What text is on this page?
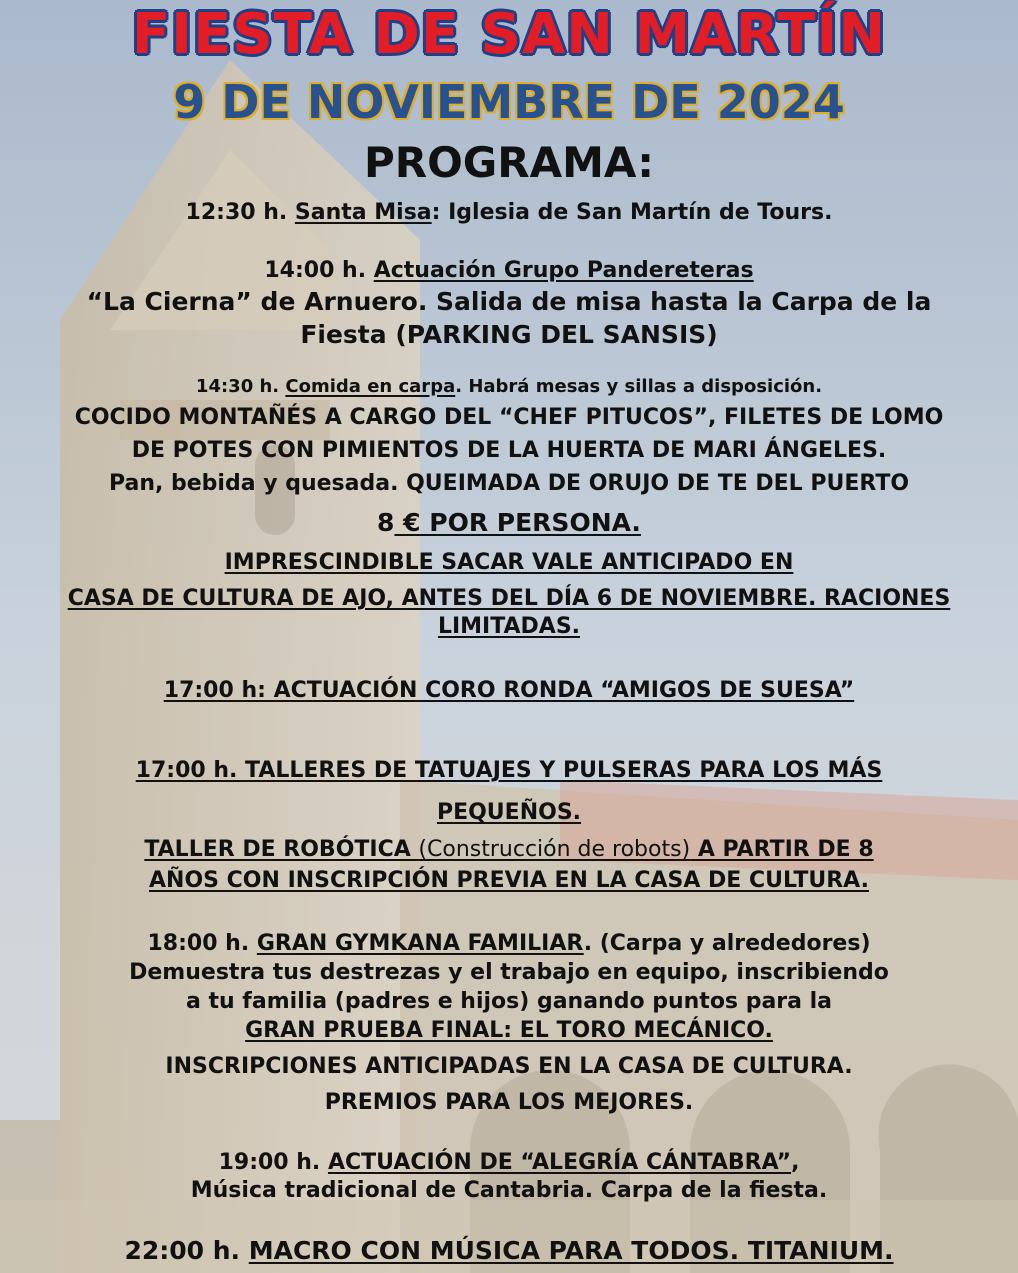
FIESTA DE SAN MARTÍN
9 DE NOVIEMBRE DE 2024
PROGRAMA:
12:30 h. Santa Misa: Iglesia de San Martín de Tours.
14:00 h. Actuación Grupo Pandereteras
“La Cierna” de Arnuero. Salida de misa hasta la Carpa de la
Fiesta (PARKING DEL SANSIS)
14:30 h. Comida en carpa. Habrá mesas y sillas a disposición.
COCIDO MONTAÑÉS A CARGO DEL “CHEF PITUCOS”, FILETES DE LOMO
DE POTES CON PIMIENTOS DE LA HUERTA DE MARI ÁNGELES.
Pan, bebida y quesada. QUEIMADA DE ORUJO DE TE DEL PUERTO
8 € POR PERSONA.
IMPRESCINDIBLE SACAR VALE ANTICIPADO EN
CASA DE CULTURA DE AJO, ANTES DEL DÍA 6 DE NOVIEMBRE. RACIONES
LIMITADAS.
17:00 h: ACTUACIÓN CORO RONDA “AMIGOS DE SUESA”
17:00 h. TALLERES DE TATUAJES Y PULSERAS PARA LOS MÁS
PEQUEÑOS.
TALLER DE ROBÓTICA (Construcción de robots) A PARTIR DE 8
AÑOS CON INSCRIPCIÓN PREVIA EN LA CASA DE CULTURA.
18:00 h. GRAN GYMKANA FAMILIAR. (Carpa y alrededores)
Demuestra tus destrezas y el trabajo en equipo, inscribiendo
a tu familia (padres e hijos) ganando puntos para la
GRAN PRUEBA FINAL: EL TORO MECÁNICO.
INSCRIPCIONES ANTICIPADAS EN LA CASA DE CULTURA.
PREMIOS PARA LOS MEJORES.
19:00 h. ACTUACIÓN DE “ALEGRÍA CÁNTABRA”,
Música tradicional de Cantabria. Carpa de la fiesta.
22:00 h. MACRO CON MÚSICA PARA TODOS. TITANIUM.
